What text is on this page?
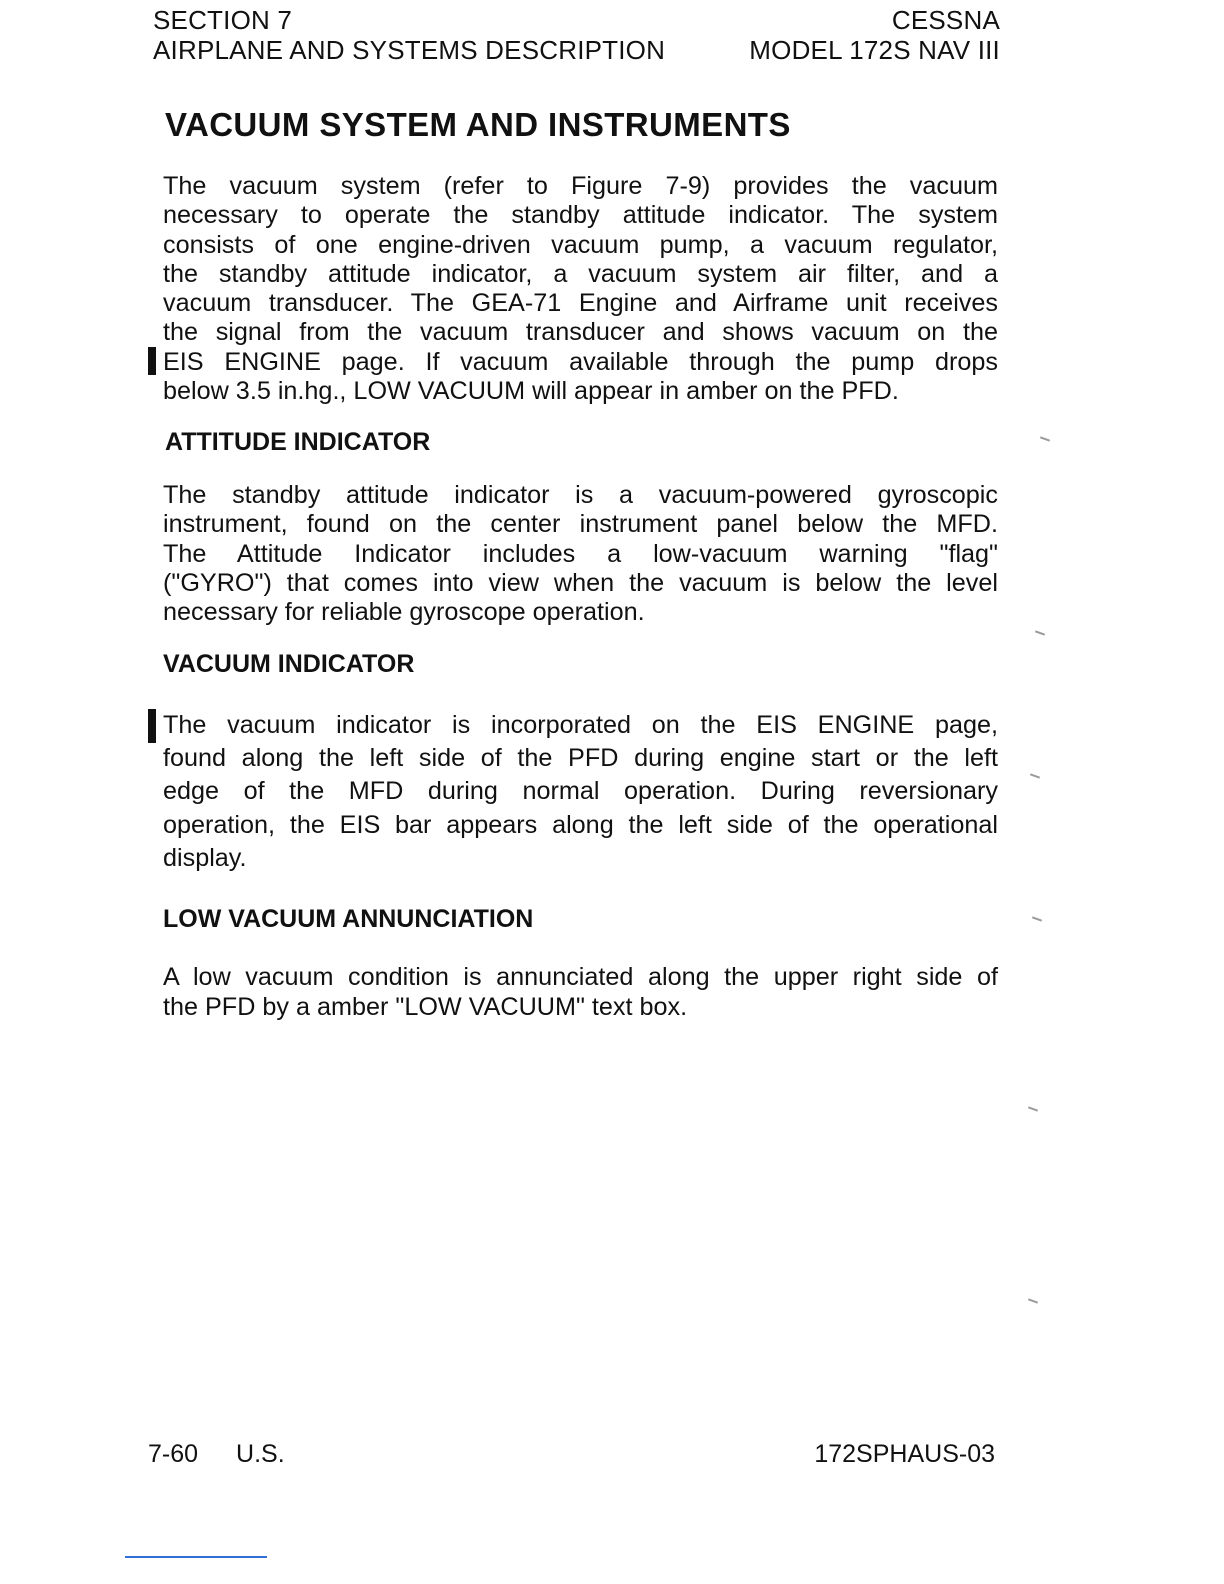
SECTION 7
AIRPLANE AND SYSTEMS DESCRIPTION
CESSNA
MODEL 172S NAV III
VACUUM SYSTEM AND INSTRUMENTS
The vacuum system (refer to Figure 7-9) provides the vacuum
necessary to operate the standby attitude indicator. The system
consists of one engine-driven vacuum pump, a vacuum regulator,
the standby attitude indicator, a vacuum system air filter, and a
vacuum transducer. The GEA-71 Engine and Airframe unit receives
the signal from the vacuum transducer and shows vacuum on the
EIS ENGINE page. If vacuum available through the pump drops
below 3.5 in.hg., LOW VACUUM will appear in amber on the PFD.
ATTITUDE INDICATOR
The standby attitude indicator is a vacuum-powered gyroscopic
instrument, found on the center instrument panel below the MFD.
The Attitude Indicator includes a low-vacuum warning "flag"
("GYRO") that comes into view when the vacuum is below the level
necessary for reliable gyroscope operation.
VACUUM INDICATOR
The vacuum indicator is incorporated on the EIS ENGINE page,
found along the left side of the PFD during engine start or the left
edge of the MFD during normal operation. During reversionary
operation, the EIS bar appears along the left side of the operational
display.
LOW VACUUM ANNUNCIATION
A low vacuum condition is annunciated along the upper right side of
the PFD by a amber "LOW VACUUM" text box.
7-60 U.S.	172SPHAUS-03
